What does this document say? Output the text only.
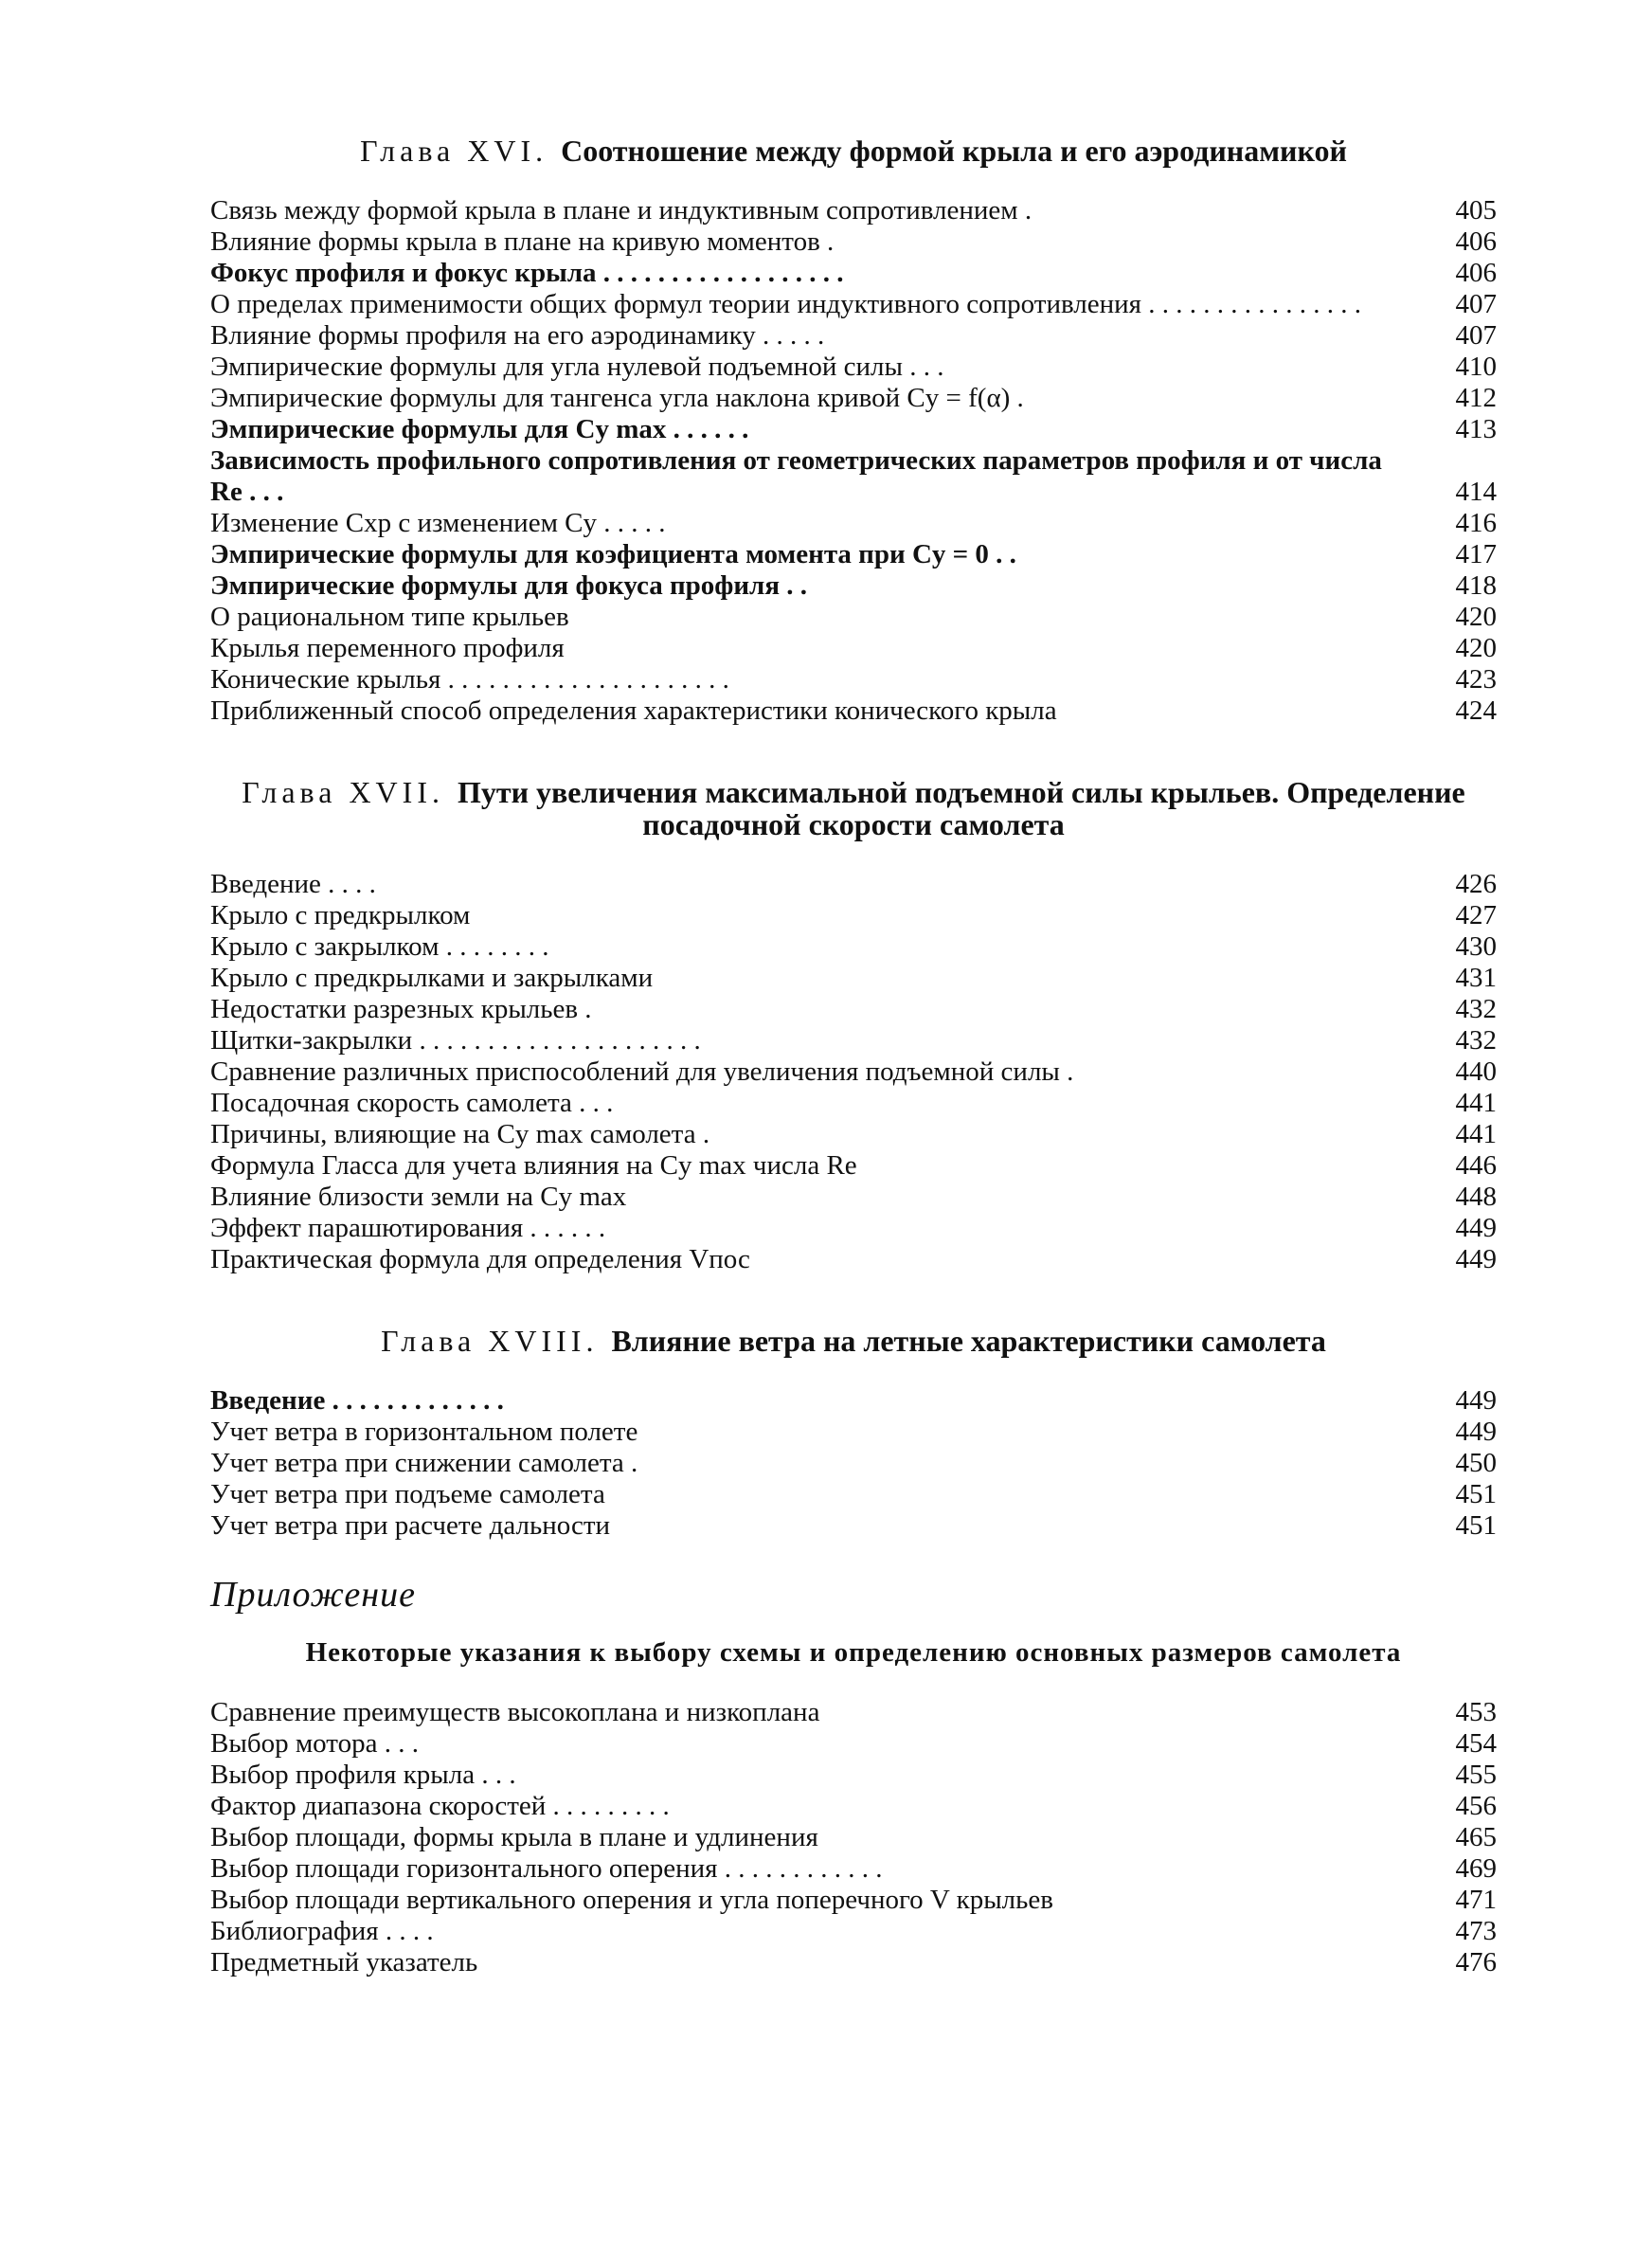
Глава XVI. Соотношение между формой крыла и его аэродинамикой
Связь между формой крыла в плане и индуктивным сопротивлением .	405
Влияние формы крыла в плане на кривую моментов .	406
Фокус профиля и фокус крыла . . . . . . . . . . . . . . . . . .	406
О пределах применимости общих формул теории индуктивного сопротивления . . . . . . . . . . . . . . . .	407
Влияние формы профиля на его аэродинамику . . . . .	407
Эмпирические формулы для угла нулевой подъемной силы . . .	410
Эмпирические формулы для тангенса угла наклона кривой Cy = f(α) .	412
Эмпирические формулы для Cy max . . . . . .	413
Зависимость профильного сопротивления от геометрических параметров профиля и от числа Re . . .	414
Изменение Cxp с изменением Cy . . . . .	416
Эмпирические формулы для коэфициента момента при Cy = 0 . .	417
Эмпирические формулы для фокуса профиля . .	418
О рациональном типе крыльев	420
Крылья переменного профиля	420
Конические крылья . . . . . . . . . . . . . . . . . . . . .	423
Приближенный способ определения характеристики конического крыла	424
Глава XVII. Пути увеличения максимальной подъемной силы крыльев. Определение посадочной скорости самолета
Введение . . . .	426
Крыло с предкрылком	427
Крыло с закрылком . . . . . . . .	430
Крыло с предкрылками и закрылками	431
Недостатки разрезных крыльев .	432
Щитки-закрылки . . . . . . . . . . . . . . . . . . . . .	432
Сравнение различных приспособлений для увеличения подъемной силы .	440
Посадочная скорость самолета . . .	441
Причины, влияющие на Cy max самолета .	441
Формула Гласса для учета влияния на Cy max числа Re	446
Влияние близости земли на Cy max	448
Эффект парашютирования . . . . . .	449
Практическая формула для определения Vпос	449
Глава XVIII. Влияние ветра на летные характеристики самолета
Введение . . . . . . . . . . . . .	449
Учет ветра в горизонтальном полете	449
Учет ветра при снижении самолета .	450
Учет ветра при подъеме самолета	451
Учет ветра при расчете дальности	451
Приложение
Некоторые указания к выбору схемы и определению основных размеров самолета
Сравнение преимуществ высокоплана и низкоплана	453
Выбор мотора . . .	454
Выбор профиля крыла . . .	455
Фактор диапазона скоростей . . . . . . . . .	456
Выбор площади, формы крыла в плане и удлинения	465
Выбор площади горизонтального оперения . . . . . . . . . . . .	469
Выбор площади вертикального оперения и угла поперечного V крыльев	471
Библиография . . . .	473
Предметный указатель	476
